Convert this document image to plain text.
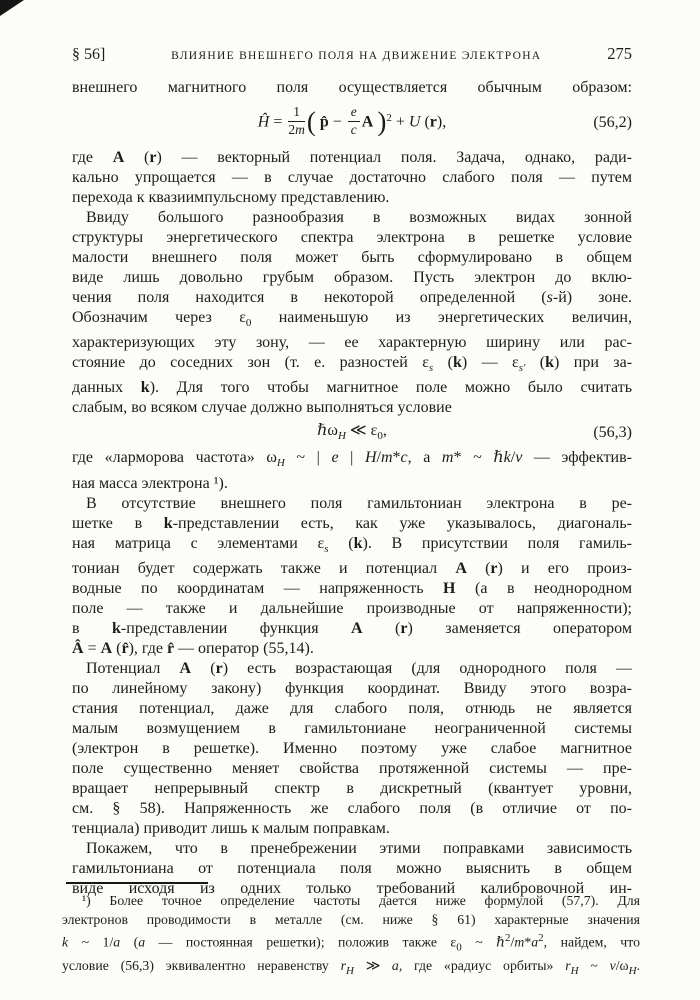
§ 56]	ВЛИЯНИЕ ВНЕШНЕГО ПОЛЯ НА ДВИЖЕНИЕ ЭЛЕКТРОНА	275
внешнего магнитного поля осуществляется обычным образом:
Ĥ = $\frac{1}{2m}$ ( p̂ − $\frac{e}{c}$ A )$^2$ + U (r),	(56,2)
где A (r) — векторный потенциал поля. Задача, однако, ради-
кально упрощается — в случае достаточно слабого поля — путем
перехода к квазиимпульсному представлению.
Ввиду большого разнообразия в возможных видах зонной
структуры энергетического спектра электрона в решетке условие
малости внешнего поля может быть сформулировано в общем
виде лишь довольно грубым образом. Пусть электрон до вклю-
чения поля находится в некоторой определенной (s-й) зоне.
Обозначим через $\varepsilon_0$ наименьшую из энергетических величин,
характеризующих эту зону, — ее характерную ширину или рас-
стояние до соседних зон (т. е. разностей $\varepsilon_s$ (k) — $\varepsilon_{s'}$ (k) при за-
данных k). Для того чтобы магнитное поле можно было считать
слабым, во всяком случае должно выполняться условие
ℏω$_H$ ≪ $\varepsilon_0$,	(56,3)
где «ларморова частота» $\omega_H$ ~ | e | H/m*c, а m* ~ ℏk/v — эффектив-
ная масса электрона ¹).
В отсутствие внешнего поля гамильтониан электрона в ре-
шетке в k-представлении есть, как уже указывалось, диагональ-
ная матрица с элементами $\varepsilon_s$ (k). В присутствии поля гамиль-
тониан будет содержать также и потенциал A (r) и его произ-
водные по координатам — напряженность H (а в неоднородном
поле — также и дальнейшие производные от напряженности);
в k-представлении функция A (r) заменяется оператором
Â = A (r̂), где r̂ — оператор (55,14).
Потенциал A (r) есть возрастающая (для однородного поля —
по линейному закону) функция координат. Ввиду этого возра-
стания потенциал, даже для слабого поля, отнюдь не является
малым возмущением в гамильтониане неограниченной системы
(электрон в решетке). Именно поэтому уже слабое магнитное
поле существенно меняет свойства протяженной системы — пре-
вращает непрерывный спектр в дискретный (квантует уровни,
см. § 58). Напряженность же слабого поля (в отличие от по-
тенциала) приводит лишь к малым поправкам.
Покажем, что в пренебрежении этими поправками зависимость
гамильтониана от потенциала поля можно выяснить в общем
виде исходя из одних только требований калибровочной ин-
¹) Более точное определение частоты дается ниже формулой (57,7). Для
электронов проводимости в металле (см. ниже § 61) характерные значения
k ~ 1/a (a — постоянная решетки); положив также $\varepsilon_0$ ~ $\hbar^2/m*a^2$, найдем, что
условие (56,3) эквивалентно неравенству $r_H$ ≫ a, где «радиус орбиты» $r_H$ ~ $v/\omega_H$.
